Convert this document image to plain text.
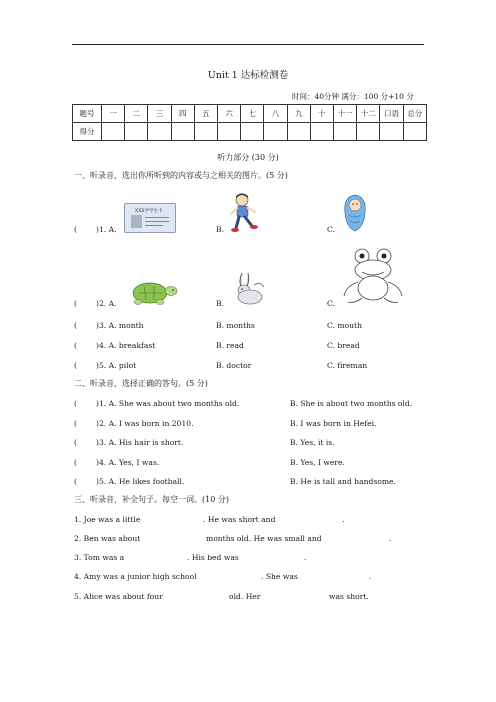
Unit 1 达标检测卷
时间：40分钟 满分：100 分+10 分
题号	一	二	三	四	五	六	七	八	九	十	十一	十二	口语	总分
得分														
听力部分 (30 分)
一、听录音，选出你所听到的内容或与之相关的图片。(5 分)
XXX学学生卡
(	)1. A.	B.	C.
(	)2. A.	B.	C.
(	)3. A. month	B. months	C. mouth
(	)4. A. breakfast	B. read	C. bread
(	)5. A. pilot	B. doctor	C. fireman
二、听录音，选择正确的答句。(5 分)
(	)1. A. She was about two months old.	B. She is about two months old.
(	)2. A. I was born in 2010.	B. I was born in Hefei.
(	)3. A. His hair is short.	B. Yes, it is.
(	)4. A. Yes, I was.	B. Yes, I were.
(	)5. A. He likes football.	B. He is tall and handsome.
三、听录音，补全句子。每空一词。(10 分)
1. Joe was a little	. He was short and	.
2. Ben was about	months old. He was small and	.
3. Tom was a	. His bed was	.
4. Amy was a junior high school	. She was	.
5. Alice was about four	old. Her	was short.
